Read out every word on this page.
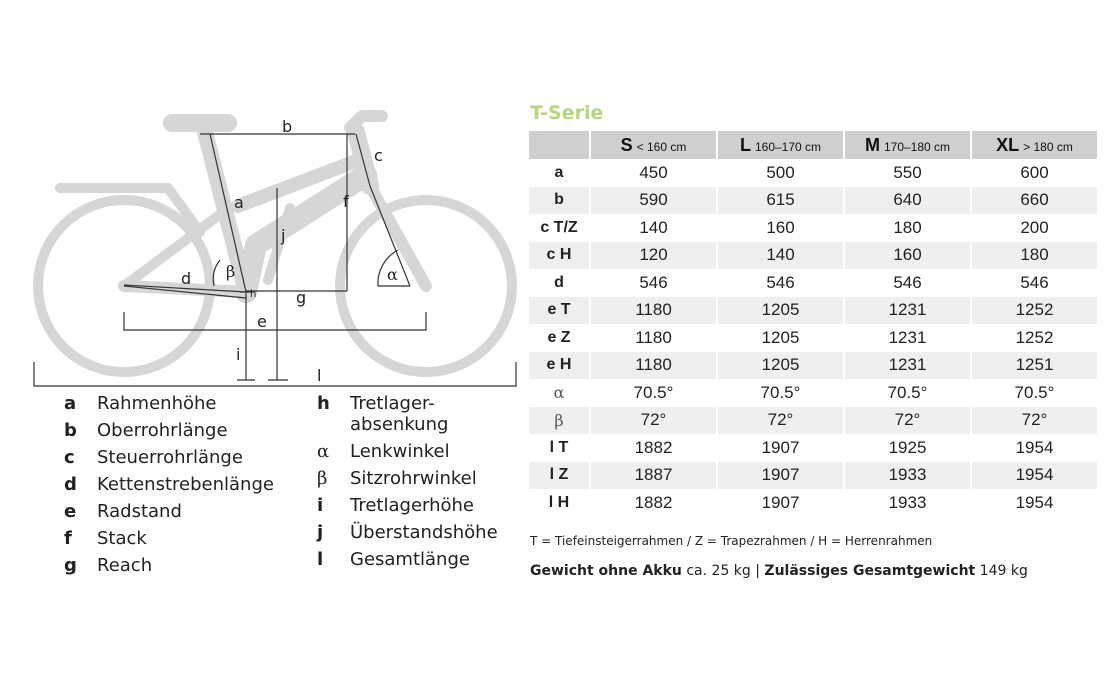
b
c
a	f
j
α
β
d
h g
e
i
l
a Rahmenhöhe
b Oberrohrlänge
c Steuerrohrlänge
d Kettenstrebenlänge
e Radstand
f Stack
g Reach
h Tretlager-
absenkung
α Lenkwinkel
β Sitzrohrwinkel
i Tretlagerhöhe
j Überstandshöhe
l Gesamtlänge
T-Serie
	S < 160 cm	L 160–170 cm	M 170–180 cm	XL > 180 cm
a	450	500	550	600
b	590	615	640	660
c T/Z	140	160	180	200
c H	120	140	160	180
d	546	546	546	546
e T	1180	1205	1231	1252
e Z	1180	1205	1231	1252
e H	1180	1205	1231	1251
α	70.5°	70.5°	70.5°	70.5°
β	72°	72°	72°	72°
l T	1882	1907	1925	1954
l Z	1887	1907	1933	1954
l H	1882	1907	1933	1954
T = Tiefeinsteigerrahmen / Z = Trapezrahmen / H = Herrenrahmen
Gewicht ohne Akku ca. 25 kg | Zulässiges Gesamtgewicht 149 kg
